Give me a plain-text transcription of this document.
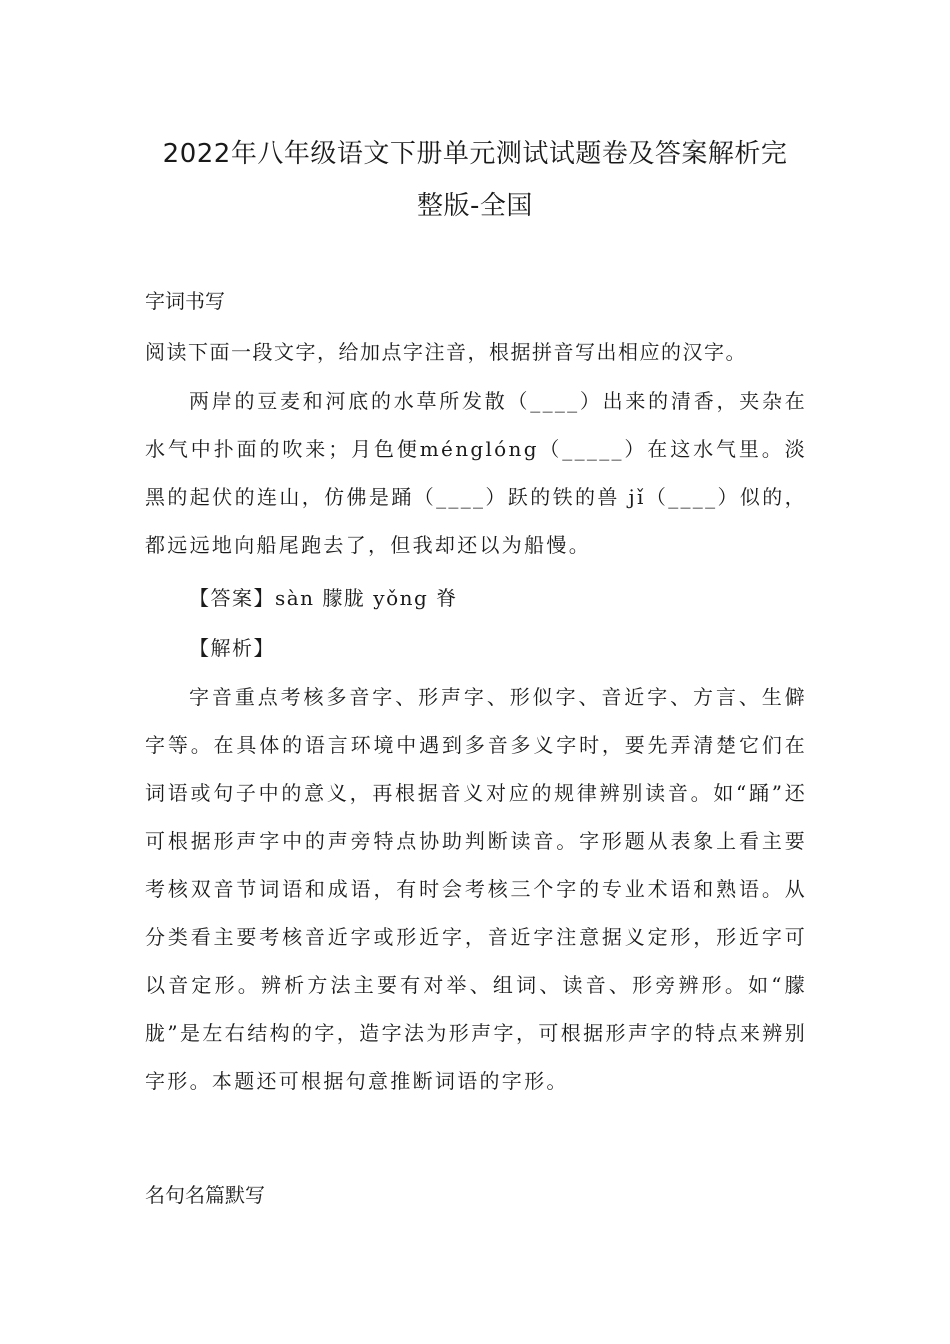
2022年八年级语文下册单元测试试题卷及答案解析完
整版-全国
字词书写
阅读下面一段文字，给加点字注音，根据拼音写出相应的汉字。
两岸的豆麦和河底的水草所发散（____）出来的清香，夹杂在水气中扑面的吹来；月色便ménglóng（_____）在这水气里。淡黑的起伏的连山，仿佛是踊（____）跃的铁的兽 jǐ（____）似的，都远远地向船尾跑去了，但我却还以为船慢。
【答案】sàn 朦胧 yǒng 脊
【解析】
字音重点考核多音字、形声字、形似字、音近字、方言、生僻字等。在具体的语言环境中遇到多音多义字时，要先弄清楚它们在词语或句子中的意义，再根据音义对应的规律辨别读音。如“踊”还可根据形声字中的声旁特点协助判断读音。字形题从表象上看主要考核双音节词语和成语，有时会考核三个字的专业术语和熟语。从分类看主要考核音近字或形近字，音近字注意据义定形，形近字可以音定形。辨析方法主要有对举、组词、读音、形旁辨形。如“朦胧”是左右结构的字，造字法为形声字，可根据形声字的特点来辨别字形。本题还可根据句意推断词语的字形。
名句名篇默写
